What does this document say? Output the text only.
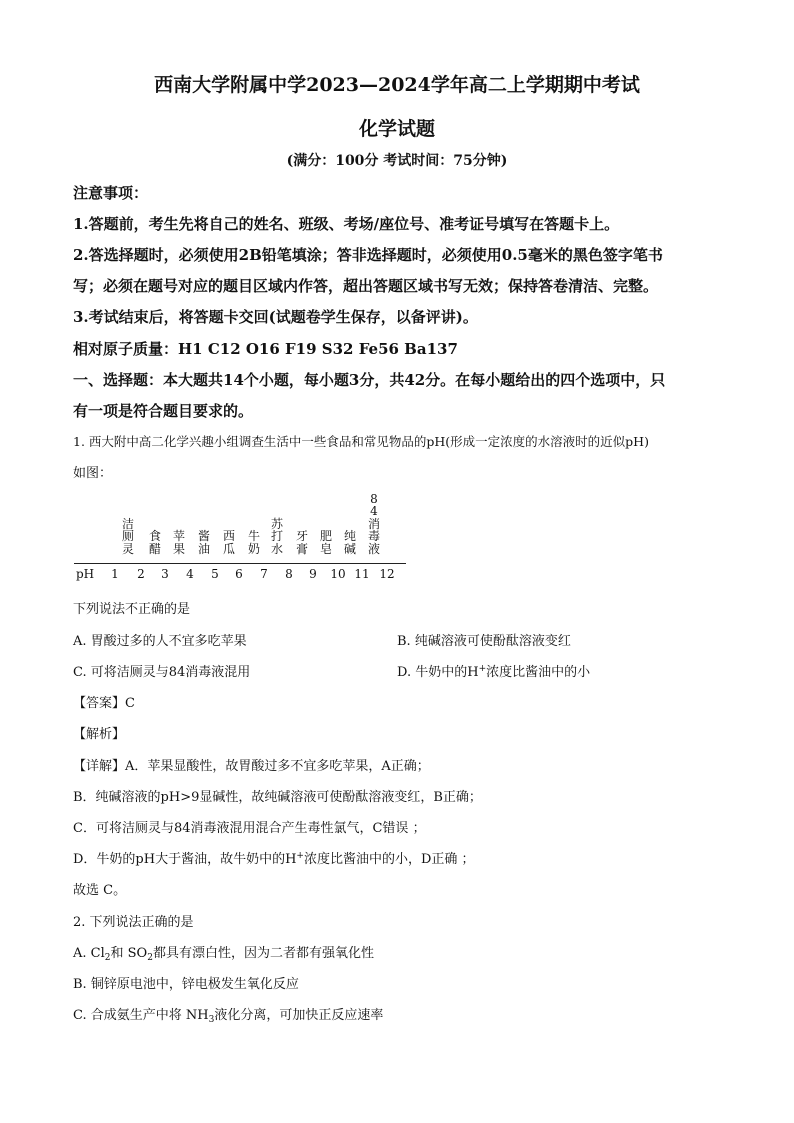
西南大学附属中学2023—2024学年高二上学期期中考试
化学试题
(满分：100分 考试时间：75分钟)
注意事项：
1.答题前，考生先将自己的姓名、班级、考场/座位号、准考证号填写在答题卡上。
2.答选择题时，必须使用2B铅笔填涂；答非选择题时，必须使用0.5毫米的黑色签字笔书
写；必须在题号对应的题目区域内作答，超出答题区域书写无效；保持答卷清洁、完整。
3.考试结束后，将答题卡交回(试题卷学生保存，以备评讲)。
相对原子质量：H1 C12 O16 F19 S32 Fe56 Ba137
一、选择题：本大题共14个小题，每小题3分，共42分。在每小题给出的四个选项中，只
有一项是符合题目要求的。
1. 西大附中高二化学兴趣小组调查生活中一些食品和常见物品的pH(形成一定浓度的水溶液时的近似pH)
如图：
洁厕灵
食醋
苹果
酱油
西瓜
牛奶
苏打水
牙膏
肥皂
纯碱
84消毒液
pH	1	2	3	4	5	6	7	8	9	10 11 12
下列说法不正确的是
A. 胃酸过多的人不宜多吃苹果	B. 纯碱溶液可使酚酞溶液变红
C. 可将洁厕灵与84消毒液混用	D. 牛奶中的H+浓度比酱油中的小
【答案】C
【解析】
【详解】A．苹果显酸性，故胃酸过多不宜多吃苹果，A正确；
B．纯碱溶液的pH>9显碱性，故纯碱溶液可使酚酞溶液变红，B正确；
C．可将洁厕灵与84消毒液混用混合产生毒性氯气，C错误 ；
D．牛奶的pH大于酱油，故牛奶中的H+浓度比酱油中的小，D正确 ；
故选 C。
2. 下列说法正确的是
A. $Cl_2$和 $SO_2$都具有漂白性，因为二者都有强氧化性
B. 铜锌原电池中，锌电极发生氧化反应
C. 合成氨生产中将 $NH_3$液化分离，可加快正反应速率
